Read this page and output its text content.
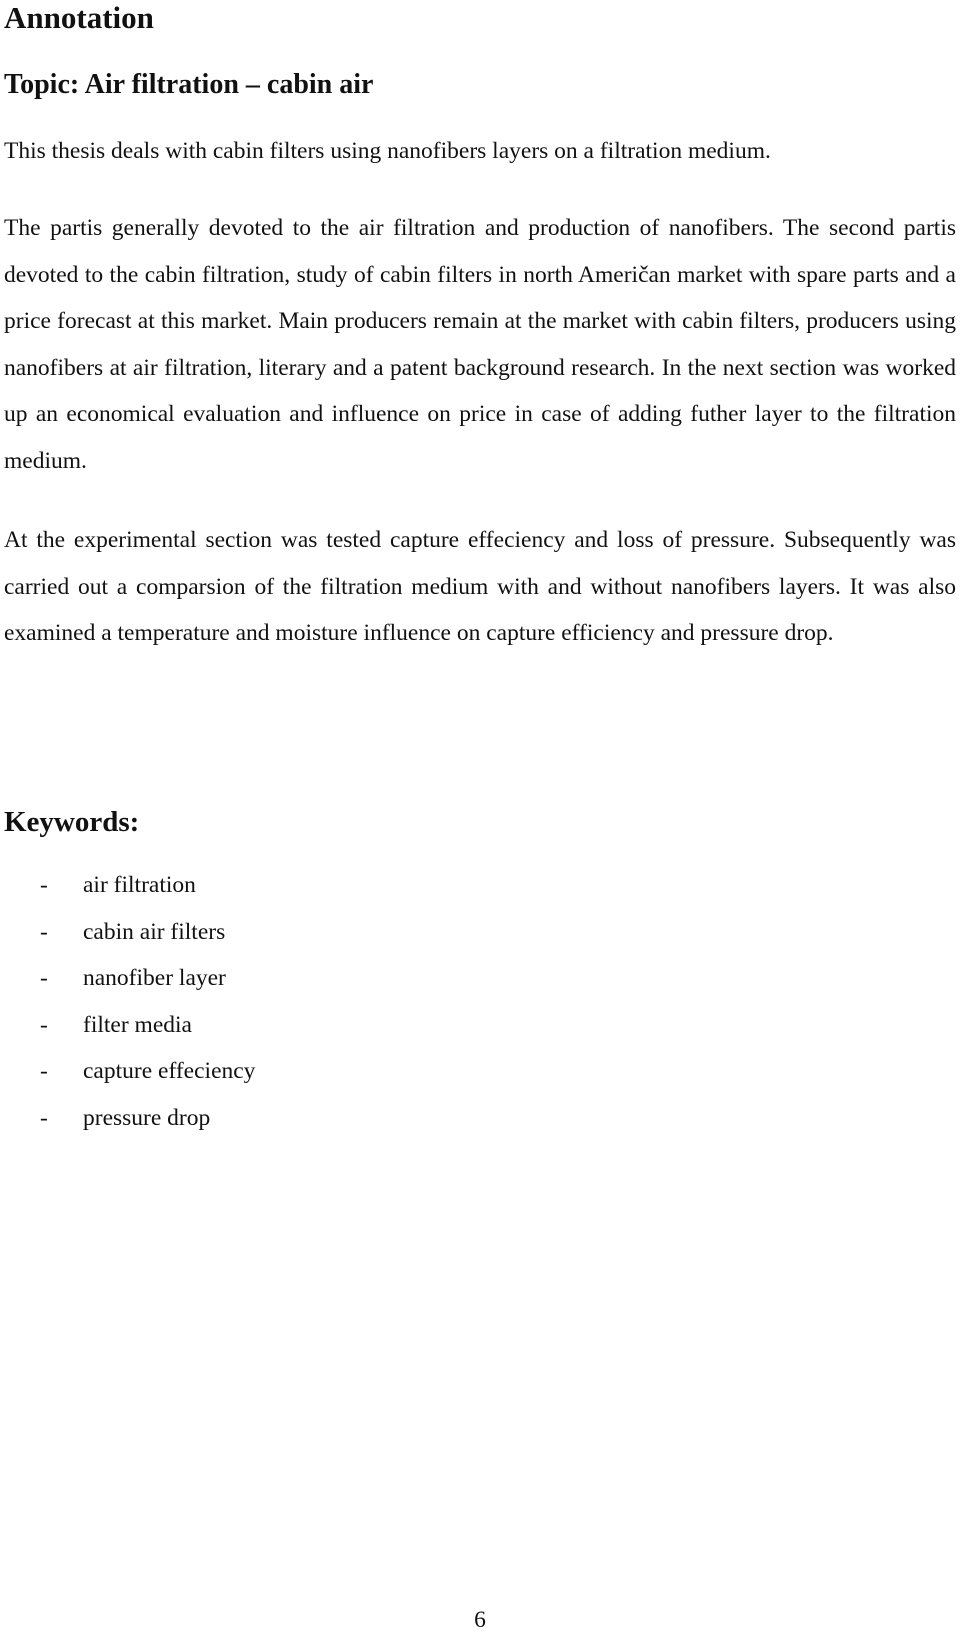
Annotation
Topic: Air filtration – cabin air

This thesis deals with cabin filters using nanofibers layers on a filtration medium.

The partis generally devoted to the air filtration and production of nanofibers. The second partis devoted to the cabin filtration, study of cabin filters in north Američan market with spare parts and a price forecast at this market. Main producers remain at the market with cabin filters, producers using nanofibers at air filtration, literary and a patent background research. In the next section was worked up an economical evaluation and influence on price in case of adding futher layer to the filtration medium.

At the experimental section was tested capture effeciency and loss of pressure. Subsequently was carried out a comparsion of the filtration medium with and without nanofibers layers. It was also examined a temperature and moisture influence on capture efficiency and pressure drop.

Keywords:
- air filtration
- cabin air filters
- nanofiber layer
- filter media
- capture effeciency
- pressure drop
6
